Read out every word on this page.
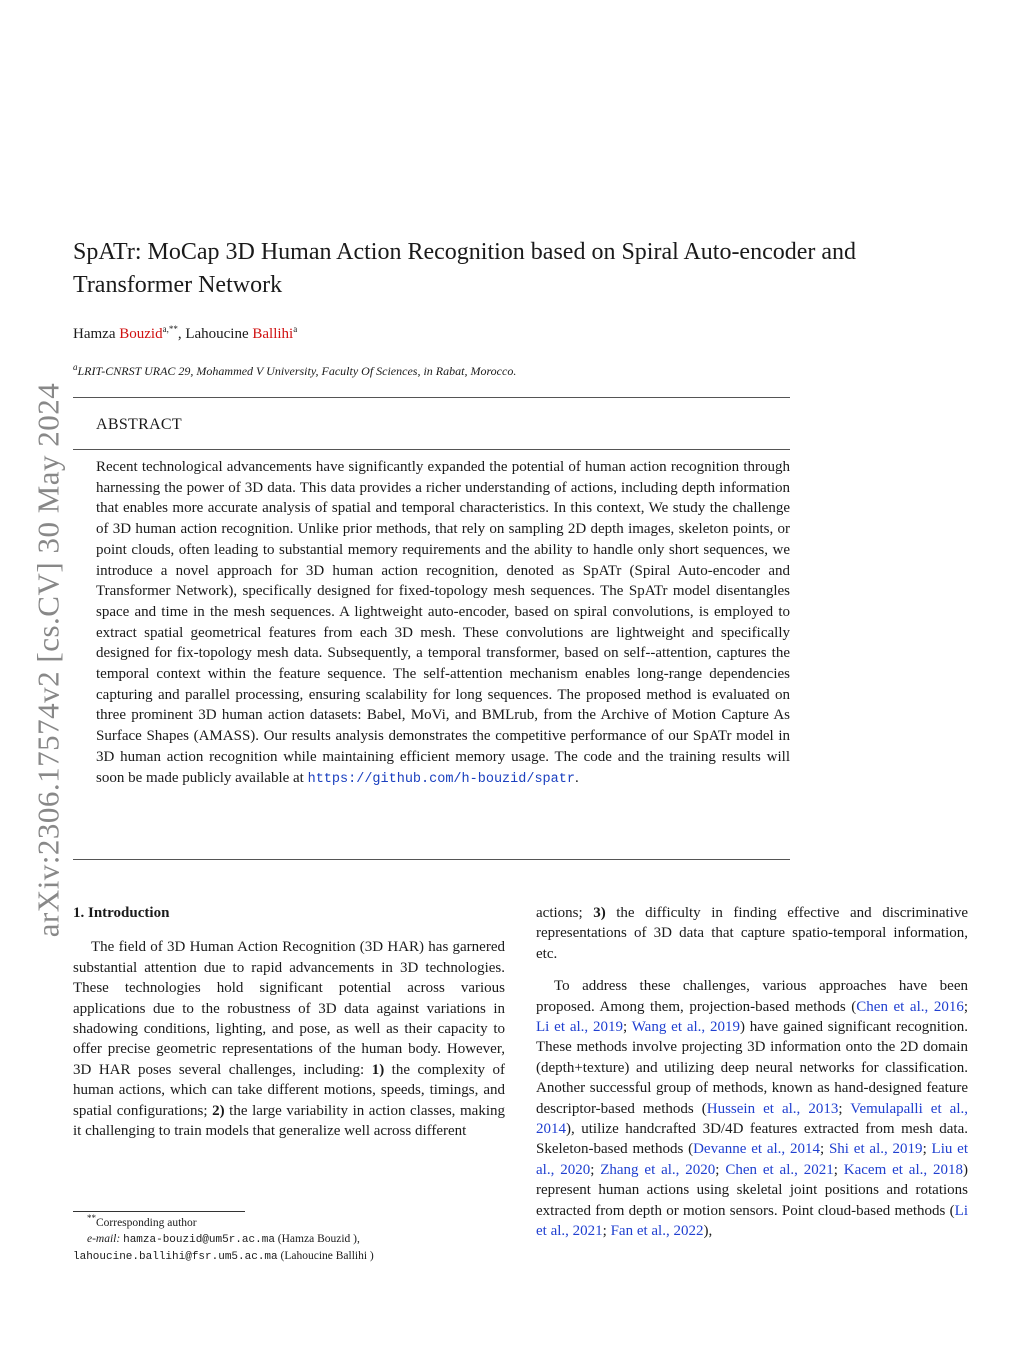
arXiv:2306.17574v2 [cs.CV] 30 May 2024
SpATr: MoCap 3D Human Action Recognition based on Spiral Auto-encoder and Transformer Network
Hamza Bouzid$^{a,**}$, Lahoucine Ballihi$^a$
$^a$LRIT-CNRST URAC 29, Mohammed V University, Faculty Of Sciences, in Rabat, Morocco.
ABSTRACT

Recent technological advancements have significantly expanded the potential of human action recognition through harnessing the power of 3D data. This data provides a richer understanding of actions, including depth information that enables more accurate analysis of spatial and temporal characteristics. In this context, We study the challenge of 3D human action recognition. Unlike prior methods, that rely on sampling 2D depth images, skeleton points, or point clouds, often leading to substantial memory requirements and the ability to handle only short sequences, we introduce a novel approach for 3D human action recognition, denoted as SpATr (Spiral Auto-encoder and Transformer Network), specifically designed for fixed-topology mesh sequences. The SpATr model disentangles space and time in the mesh sequences. A lightweight auto-encoder, based on spiral convolutions, is employed to extract spatial geometrical features from each 3D mesh. These convolutions are lightweight and specifically designed for fix-topology mesh data. Subsequently, a temporal transformer, based on self--attention, captures the temporal context within the feature sequence. The self-attention mechanism enables long-range dependencies capturing and parallel processing, ensuring scalability for long sequences. The proposed method is evaluated on three prominent 3D human action datasets: Babel, MoVi, and BMLrub, from the Archive of Motion Capture As Surface Shapes (AMASS). Our results analysis demonstrates the competitive performance of our SpATr model in 3D human action recognition while maintaining efficient memory usage. The code and the training results will soon be made publicly available at https://github.com/h-bouzid/spatr.

1. Introduction

The field of 3D Human Action Recognition (3D HAR) has garnered substantial attention due to rapid advancements in 3D technologies. These technologies hold significant potential across various applications due to the robustness of 3D data against variations in shadowing conditions, lighting, and pose, as well as their capacity to offer precise geometric representations of the human body. However, 3D HAR poses several challenges, including: 1) the complexity of human actions, which can take different motions, speeds, timings, and spatial configurations; 2) the large variability in action classes, making it challenging to train models that generalize well across different

actions; 3) the difficulty in finding effective and discriminative representations of 3D data that capture spatio-temporal information, etc.

To address these challenges, various approaches have been proposed. Among them, projection-based methods (Chen et al., 2016; Li et al., 2019; Wang et al., 2019) have gained significant recognition. These methods involve projecting 3D information onto the 2D domain (depth+texture) and utilizing deep neural networks for classification. Another successful group of methods, known as hand-designed feature descriptor-based methods (Hussein et al., 2013; Vemulapalli et al., 2014), utilize handcrafted 3D/4D features extracted from mesh data. Skeleton-based methods (Devanne et al., 2014; Shi et al., 2019; Liu et al., 2020; Zhang et al., 2020; Chen et al., 2021; Kacem et al., 2018) represent human actions using skeletal joint positions and rotations extracted from depth or motion sensors. Point cloud-based methods (Li et al., 2021; Fan et al., 2022),

**Corresponding author
e-mail: hamza-bouzid@um5r.ac.ma (Hamza Bouzid ),
lahoucine.ballihi@fsr.um5.ac.ma (Lahoucine Ballihi )
